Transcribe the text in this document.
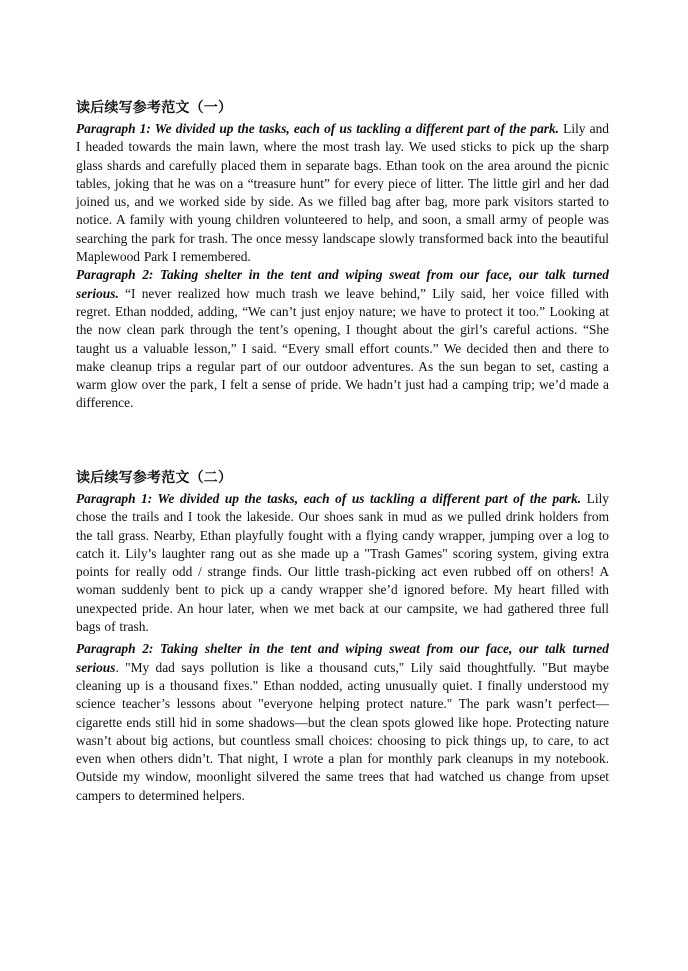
读后续写参考范文（一）

Paragraph 1: We divided up the tasks, each of us tackling a different part of the park. Lily and I headed towards the main lawn, where the most trash lay. We used sticks to pick up the sharp glass shards and carefully placed them in separate bags. Ethan took on the area around the picnic tables, joking that he was on a “treasure hunt” for every piece of litter. The little girl and her dad joined us, and we worked side by side. As we filled bag after bag, more park visitors started to notice. A family with young children volunteered to help, and soon, a small army of people was searching the park for trash. The once messy landscape slowly transformed back into the beautiful Maplewood Park I remembered.

Paragraph 2: Taking shelter in the tent and wiping sweat from our face, our talk turned serious. “I never realized how much trash we leave behind,” Lily said, her voice filled with regret. Ethan nodded, adding, “We can’t just enjoy nature; we have to protect it too.” Looking at the now clean park through the tent’s opening, I thought about the girl’s careful actions. “She taught us a valuable lesson,” I said. “Every small effort counts.” We decided then and there to make cleanup trips a regular part of our outdoor adventures. As the sun began to set, casting a warm glow over the park, I felt a sense of pride. We hadn’t just had a camping trip; we’d made a difference.

读后续写参考范文（二）

Paragraph 1: We divided up the tasks, each of us tackling a different part of the park. Lily chose the trails and I took the lakeside. Our shoes sank in mud as we pulled drink holders from the tall grass. Nearby, Ethan playfully fought with a flying candy wrapper, jumping over a log to catch it. Lily’s laughter rang out as she made up a "Trash Games" scoring system, giving extra points for really odd / strange finds. Our little trash-picking act even rubbed off on others! A woman suddenly bent to pick up a candy wrapper she’d ignored before. My heart filled with unexpected pride. An hour later, when we met back at our campsite, we had gathered three full bags of trash.

Paragraph 2: Taking shelter in the tent and wiping sweat from our face, our talk turned serious. "My dad says pollution is like a thousand cuts," Lily said thoughtfully. "But maybe cleaning up is a thousand fixes." Ethan nodded, acting unusually quiet. I finally understood my science teacher’s lessons about "everyone helping protect nature." The park wasn’t perfect—cigarette ends still hid in some shadows—but the clean spots glowed like hope. Protecting nature wasn’t about big actions, but countless small choices: choosing to pick things up, to care, to act even when others didn’t. That night, I wrote a plan for monthly park cleanups in my notebook. Outside my window, moonlight silvered the same trees that had watched us change from upset campers to determined helpers.
